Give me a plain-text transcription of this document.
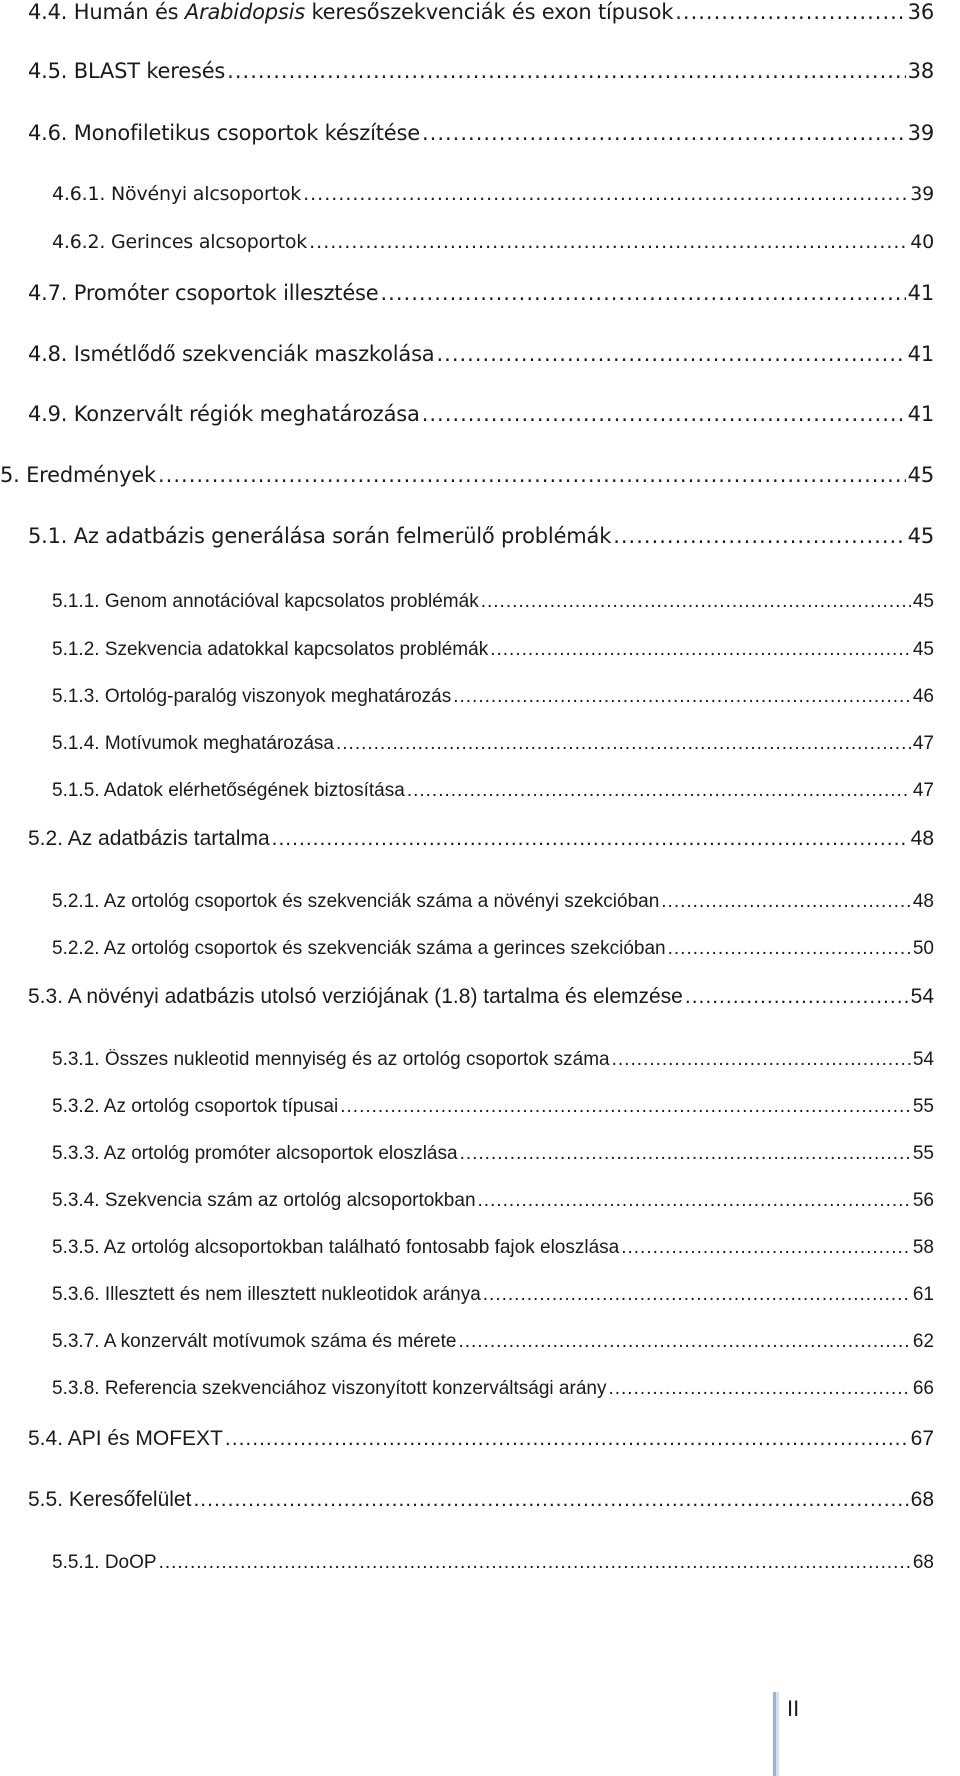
4.4. Humán és Arabidopsis keresőszekvenciák és exon típusok .....	36
4.5. BLAST keresés .....	38
4.6. Monofiletikus csoportok készítése .....	39
4.6.1. Növényi alcsoportok .....	39
4.6.2. Gerinces alcsoportok .....	40
4.7. Promóter csoportok illesztése .....	41
4.8. Ismétlődő szekvenciák maszkolása .....	41
4.9. Konzervált régiók meghatározása .....	41
5. Eredmények .....	45
5.1. Az adatbázis generálása során felmerülő problémák .....	45
5.1.1. Genom annotációval kapcsolatos problémák .....	45
5.1.2. Szekvencia adatokkal kapcsolatos problémák .....	45
5.1.3. Ortológ-paralóg viszonyok meghatározás .....	46
5.1.4. Motívumok meghatározása .....	47
5.1.5. Adatok elérhetőségének biztosítása .....	47
5.2. Az adatbázis tartalma .....	48
5.2.1. Az ortológ csoportok és szekvenciák száma a növényi szekcióban .....	48
5.2.2. Az ortológ csoportok és szekvenciák száma a gerinces szekcióban .....	50
5.3. A növényi adatbázis utolsó verziójának (1.8) tartalma és elemzése .....	54
5.3.1. Összes nukleotid mennyiség és az ortológ csoportok száma .....	54
5.3.2. Az ortológ csoportok típusai .....	55
5.3.3. Az ortológ promóter alcsoportok eloszlása .....	55
5.3.4. Szekvencia szám az ortológ alcsoportokban .....	56
5.3.5. Az ortológ alcsoportokban található fontosabb fajok eloszlása .....	58
5.3.6. Illesztett és nem illesztett nukleotidok aránya .....	61
5.3.7. A konzervált motívumok száma és mérete .....	62
5.3.8. Referencia szekvenciához viszonyított konzerváltsági arány .....	66
5.4. API és MOFEXT .....	67
5.5. Keresőfelület .....	68
5.5.1. DoOP .....	68
II
